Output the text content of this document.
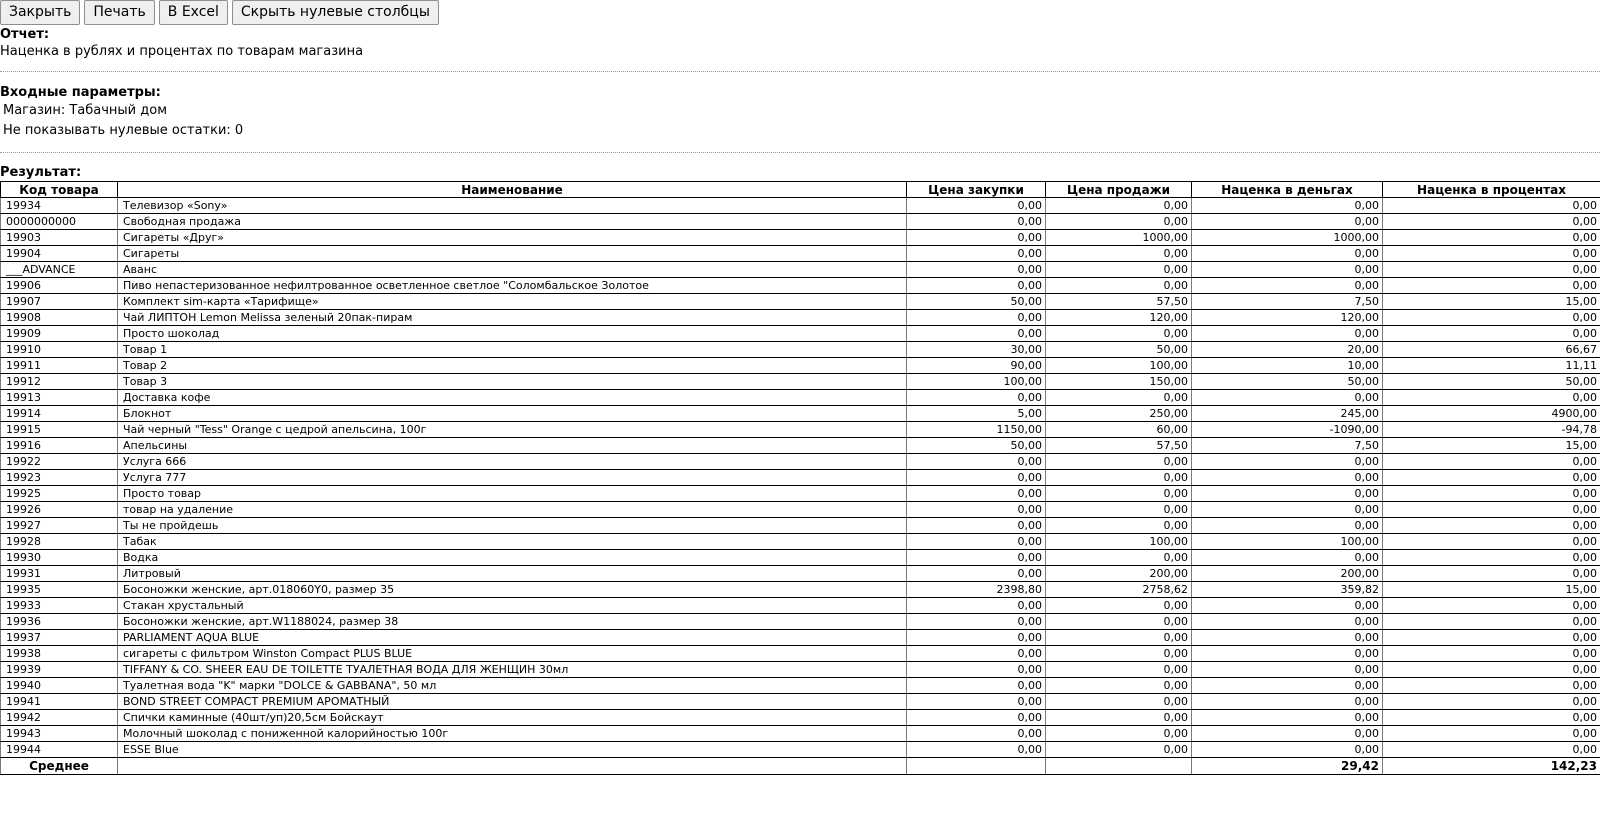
Закрыть	Печать	В Excel	Скрыть нулевые столбцы
Отчет:
Наценка в рублях и процентах по товарам магазина
Входные параметры:
Магазин: Табачный дом
Не показывать нулевые остатки: 0
Результат:
Код товара	Наименование	Цена закупки	Цена продажи	Наценка в деньгах	Наценка в процентах
19934	Телевизор «Sony»	0,00	0,00	0,00	0,00
0000000000	Свободная продажа	0,00	0,00	0,00	0,00
19903	Сигареты «Друг»	0,00	1000,00	1000,00	0,00
19904	Сигареты	0,00	0,00	0,00	0,00
___ADVANCE	Аванс	0,00	0,00	0,00	0,00
19906	Пиво непастеризованное нефилтрованное осветленное светлое "Соломбальское Золотое	0,00	0,00	0,00	0,00
19907	Комплект sim-карта «Тарифище»	50,00	57,50	7,50	15,00
19908	Чай ЛИПТОН Lemon Melissa зеленый 20пак-пирам	0,00	120,00	120,00	0,00
19909	Просто шоколад	0,00	0,00	0,00	0,00
19910	Товар 1	30,00	50,00	20,00	66,67
19911	Товар 2	90,00	100,00	10,00	11,11
19912	Товар 3	100,00	150,00	50,00	50,00
19913	Доставка кофе	0,00	0,00	0,00	0,00
19914	Блокнот	5,00	250,00	245,00	4900,00
19915	Чай черный "Tess" Orange с цедрой апельсина, 100г	1150,00	60,00	-1090,00	-94,78
19916	Апельсины	50,00	57,50	7,50	15,00
19922	Услуга 666	0,00	0,00	0,00	0,00
19923	Услуга 777	0,00	0,00	0,00	0,00
19925	Просто товар	0,00	0,00	0,00	0,00
19926	товар на удаление	0,00	0,00	0,00	0,00
19927	Ты не пройдешь	0,00	0,00	0,00	0,00
19928	Табак	0,00	100,00	100,00	0,00
19930	Водка	0,00	0,00	0,00	0,00
19931	Литровый	0,00	200,00	200,00	0,00
19935	Босоножки женские, арт.018060Y0, размер 35	2398,80	2758,62	359,82	15,00
19933	Стакан хрустальный	0,00	0,00	0,00	0,00
19936	Босоножки женские, арт.W1188024, размер 38	0,00	0,00	0,00	0,00
19937	PARLIAMENT AQUA BLUE	0,00	0,00	0,00	0,00
19938	сигареты с фильтром Winston Compact PLUS BLUE	0,00	0,00	0,00	0,00
19939	TIFFANY & CO. SHEER EAU DE TOILETTE ТУАЛЕТНАЯ ВОДА ДЛЯ ЖЕНЩИН 30мл	0,00	0,00	0,00	0,00
19940	Туалетная вода "K" марки "DOLCE & GABBANA", 50 мл	0,00	0,00	0,00	0,00
19941	BOND STREET COMPACT PREMIUM АРОМАТНЫЙ	0,00	0,00	0,00	0,00
19942	Спички каминные (40шт/уп)20,5см Бойскаут	0,00	0,00	0,00	0,00
19943	Молочный шоколад с пониженной калорийностью 100г	0,00	0,00	0,00	0,00
19944	ESSE Blue	0,00	0,00	0,00	0,00
Среднее				29,42	142,23
